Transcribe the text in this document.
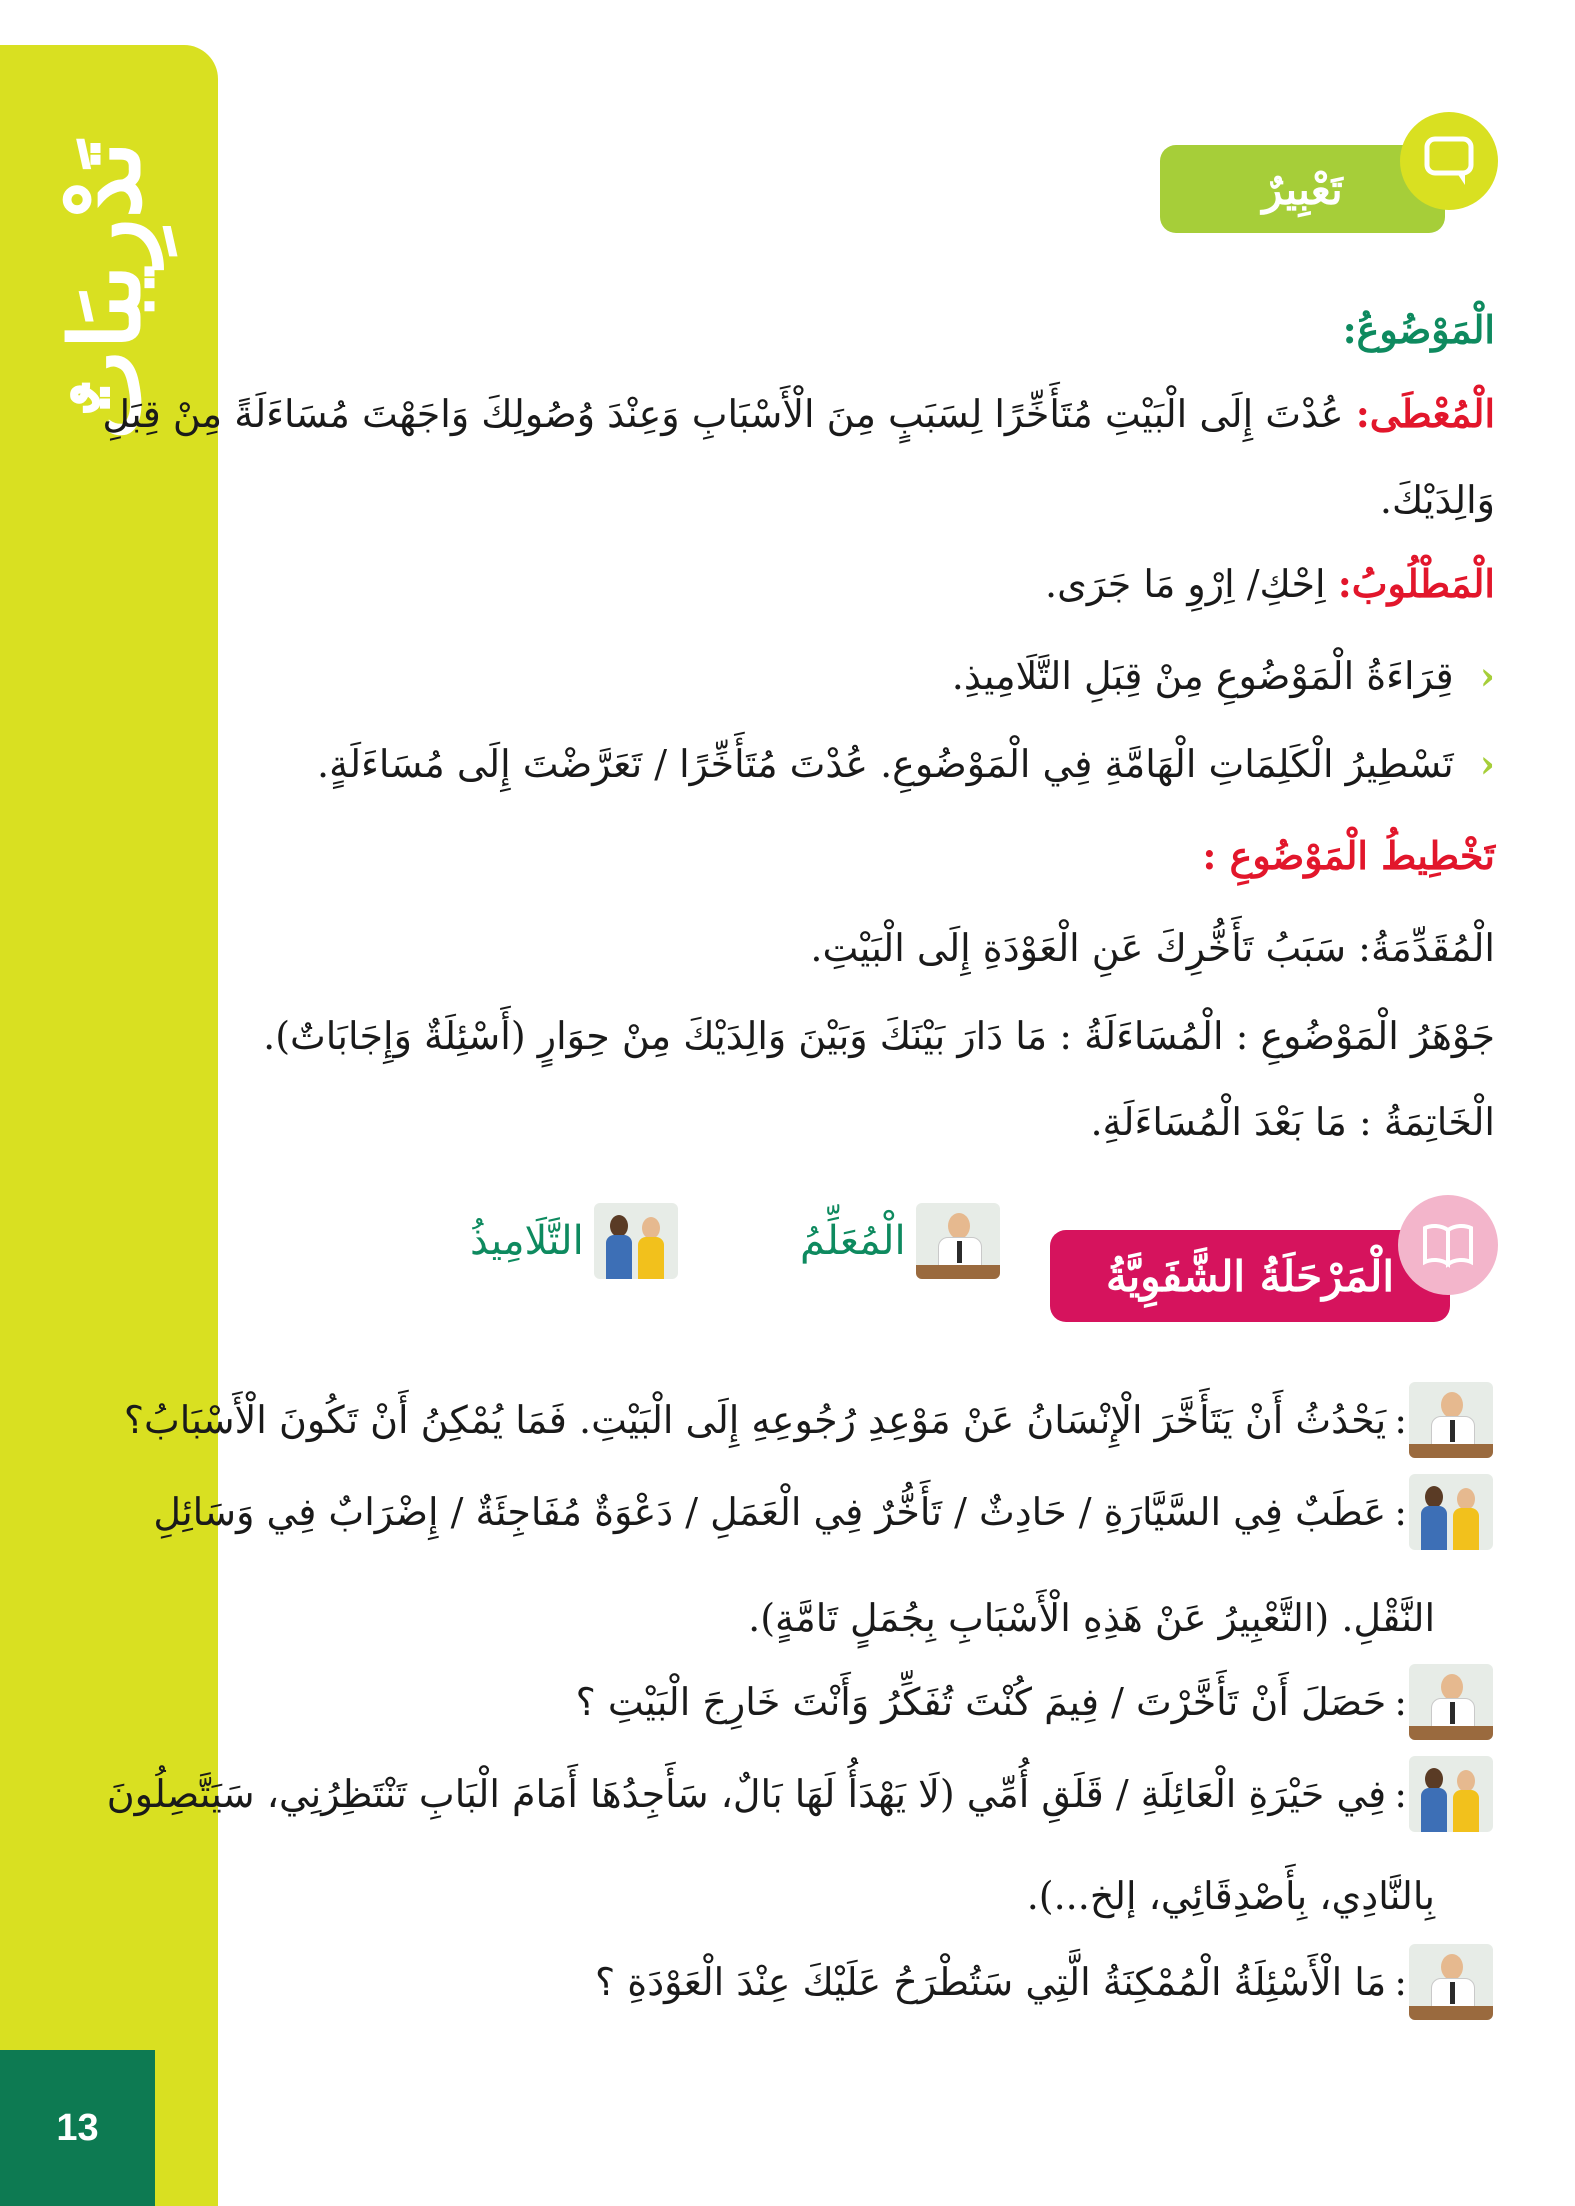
تَدْرِيبَاتٌ
13
تَعْبِيرٌ
الْمَوْضُوعُ:
الْمُعْطَى: عُدْتَ إِلَى الْبَيْتِ مُتَأَخِّرًا لِسَبَبٍ مِنَ الْأَسْبَابِ وَعِنْدَ وُصُولِكَ وَاجَهْتَ مُسَاءَلَةً مِنْ قِبَلِ
وَالِدَيْكَ.
الْمَطْلُوبُ: اِحْكِ/ اِرْوِ مَا جَرَى.
‹ قِرَاءَةُ الْمَوْضُوعِ مِنْ قِبَلِ التَّلَامِيذِ.
‹ تَسْطِيرُ الْكَلِمَاتِ الْهَامَّةِ فِي الْمَوْضُوعِ. عُدْتَ مُتَأَخِّرًا / تَعَرَّضْتَ إِلَى مُسَاءَلَةٍ.
تَخْطِيطُ الْمَوْضُوعِ :
الْمُقَدِّمَةُ: سَبَبُ تَأَخُّرِكَ عَنِ الْعَوْدَةِ إِلَى الْبَيْتِ.
جَوْهَرُ الْمَوْضُوعِ : الْمُسَاءَلَةُ : مَا دَارَ بَيْنَكَ وَبَيْنَ وَالِدَيْكَ مِنْ حِوَارٍ (أَسْئِلَةٌ وَإِجَابَاتٌ).
الْخَاتِمَةُ : مَا بَعْدَ الْمُسَاءَلَةِ.
الْمَرْحَلَةُ الشَّفَوِيَّةُ
الْمُعَلِّمُ
التَّلَامِيذُ
:
يَحْدُثُ أَنْ يَتَأَخَّرَ الْإِنْسَانُ عَنْ مَوْعِدِ رُجُوعِهِ إِلَى الْبَيْتِ. فَمَا يُمْكِنُ أَنْ تَكُونَ الْأَسْبَابُ؟
:
عَطَبٌ فِي السَّيَّارَةِ / حَادِثٌ / تَأَخُّرٌ فِي الْعَمَلِ / دَعْوَةٌ مُفَاجِئَةٌ / إِضْرَابٌ فِي وَسَائِلِ
النَّقْلِ. (التَّعْبِيرُ عَنْ هَذِهِ الْأَسْبَابِ بِجُمَلٍ تَامَّةٍ).
:
حَصَلَ أَنْ تَأَخَّرْتَ / فِيمَ كُنْتَ تُفَكِّرُ وَأَنْتَ خَارِجَ الْبَيْتِ ؟
:
فِي حَيْرَةِ الْعَائِلَةِ / قَلَقِ أُمِّي (لَا يَهْدَأُ لَهَا بَالٌ، سَأَجِدُهَا أَمَامَ الْبَابِ تَنْتَظِرُنِي، سَيَتَّصِلُونَ
بِالنَّادِي، بِأَصْدِقَائِي، إلخ...).
:
مَا الْأَسْئِلَةُ الْمُمْكِنَةُ الَّتِي سَتُطْرَحُ عَلَيْكَ عِنْدَ الْعَوْدَةِ ؟
